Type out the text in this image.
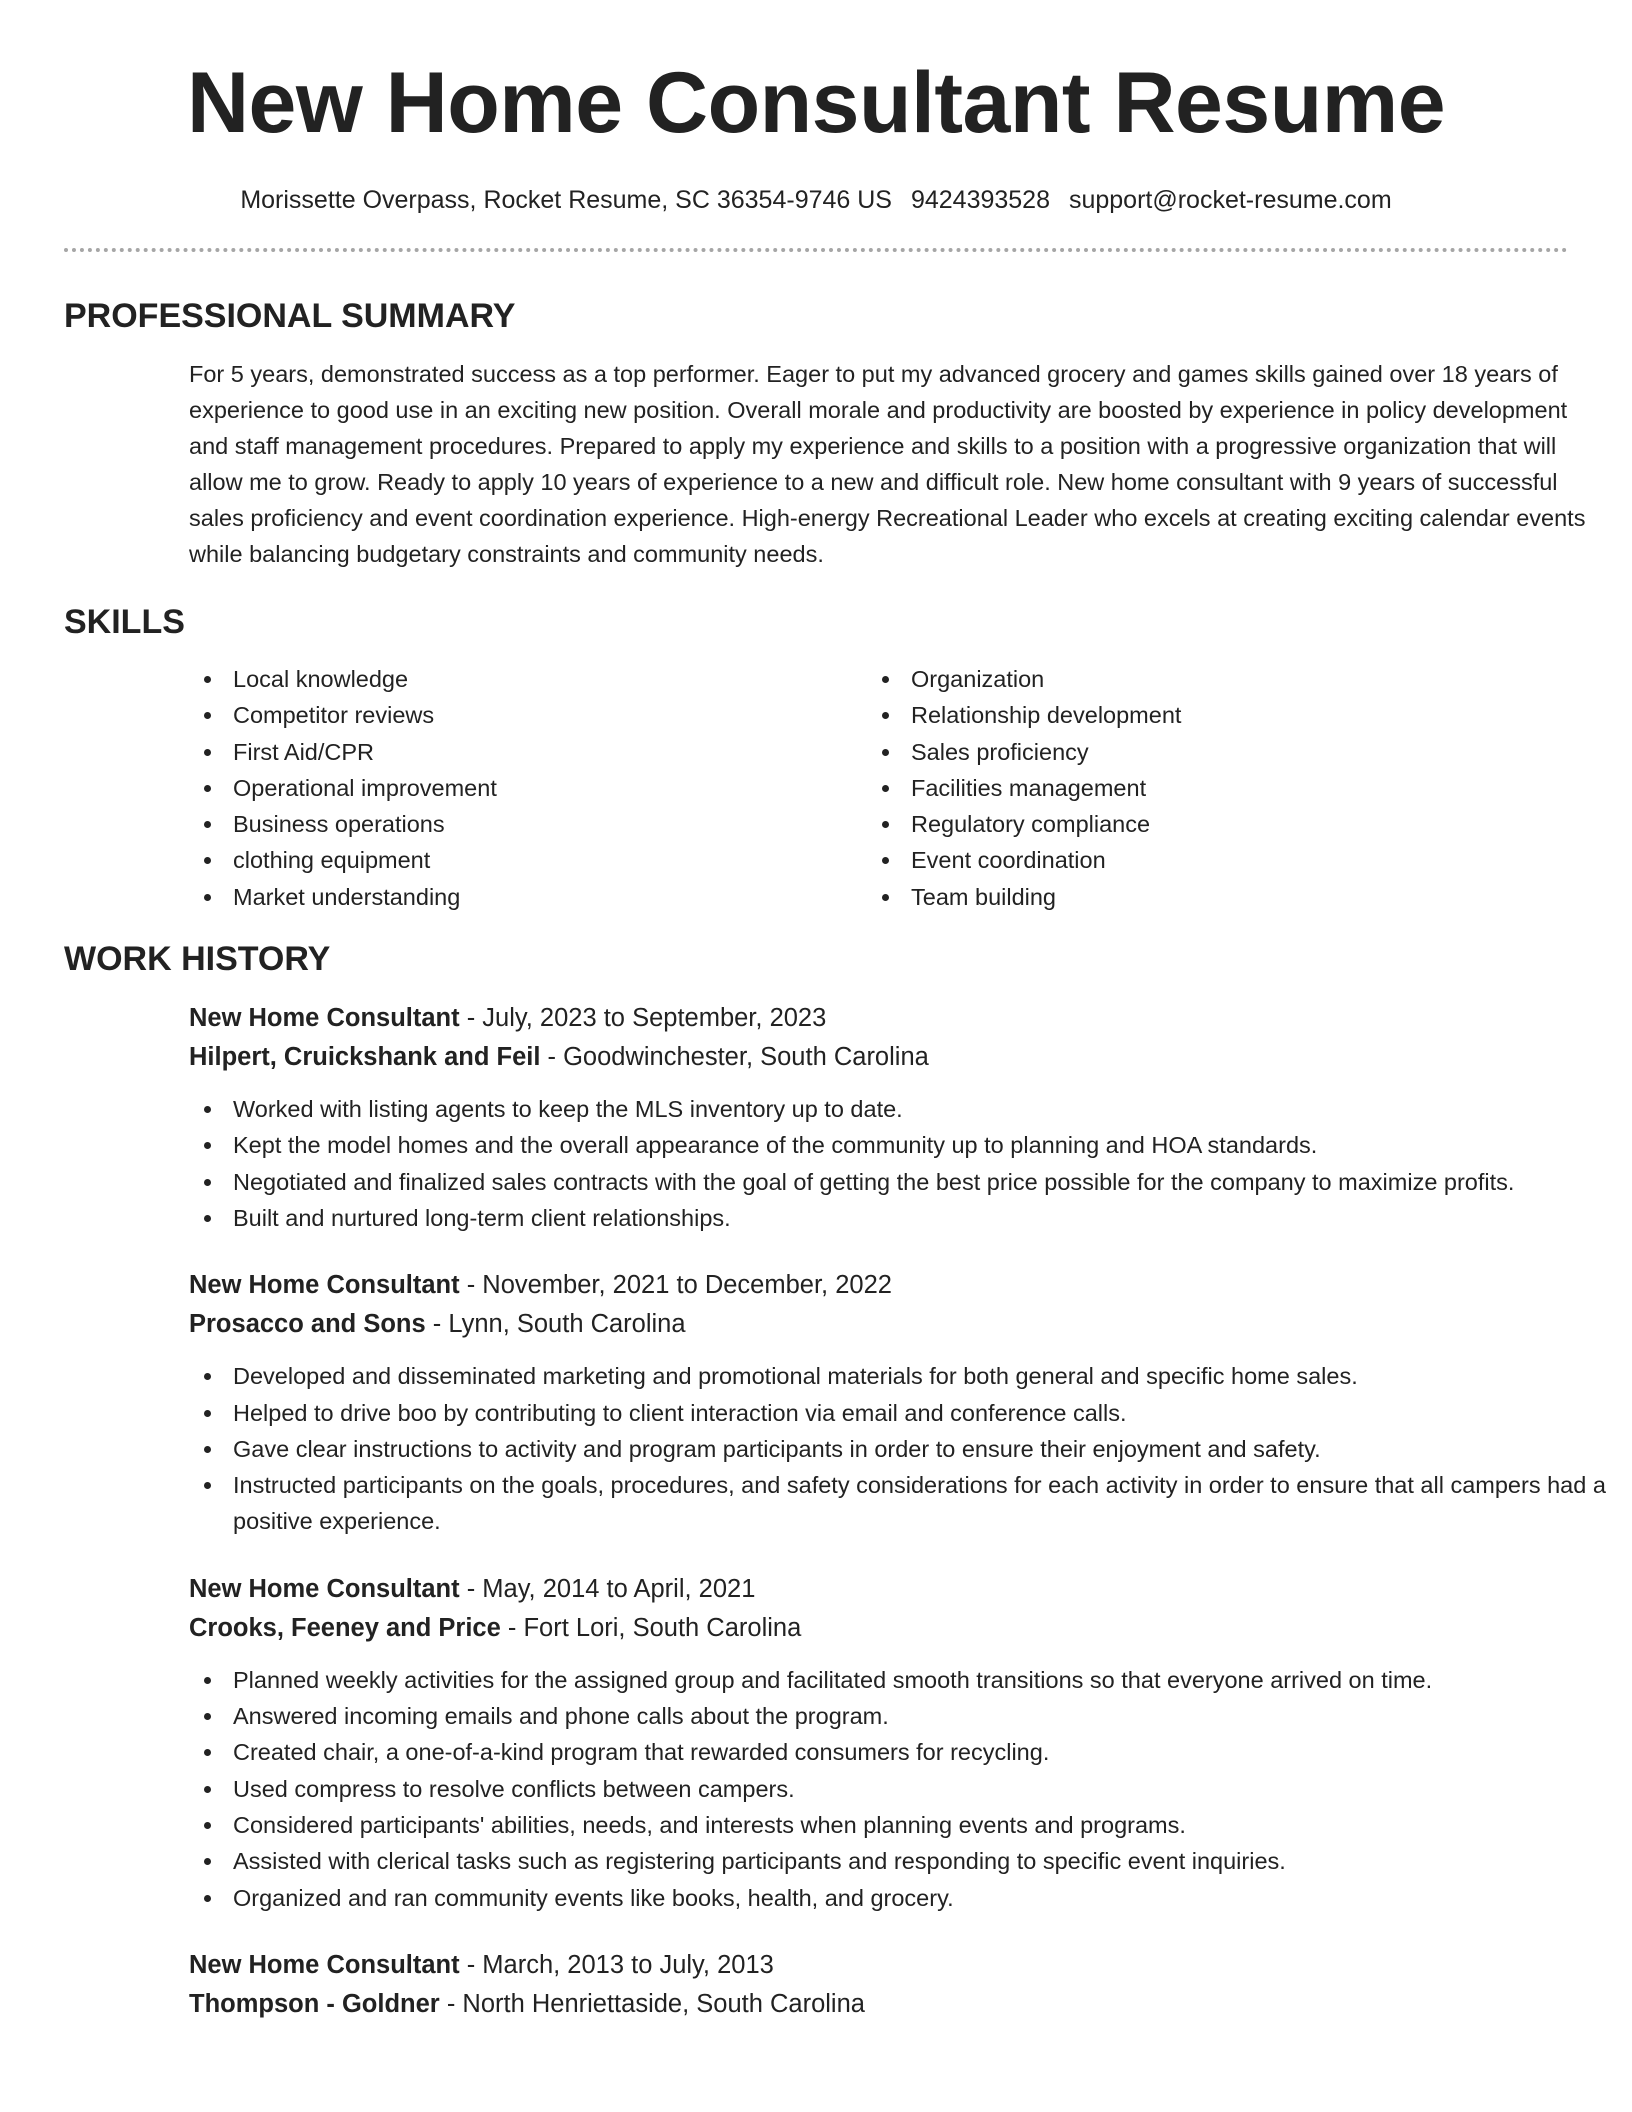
New Home Consultant Resume
Morissette Overpass, Rocket Resume, SC 36354-9746 US 9424393528 support@rocket-resume.com
PROFESSIONAL SUMMARY
For 5 years, demonstrated success as a top performer. Eager to put my advanced grocery and games skills gained over 18 years of experience to good use in an exciting new position. Overall morale and productivity are boosted by experience in policy development and staff management procedures. Prepared to apply my experience and skills to a position with a progressive organization that will allow me to grow. Ready to apply 10 years of experience to a new and difficult role. New home consultant with 9 years of successful sales proficiency and event coordination experience. High-energy Recreational Leader who excels at creating exciting calendar events while balancing budgetary constraints and community needs.
SKILLS
Local knowledge
Competitor reviews
First Aid/CPR
Operational improvement
Business operations
clothing equipment
Market understanding
Organization
Relationship development
Sales proficiency
Facilities management
Regulatory compliance
Event coordination
Team building
WORK HISTORY
New Home Consultant - July, 2023 to September, 2023
Hilpert, Cruickshank and Feil - Goodwinchester, South Carolina
Worked with listing agents to keep the MLS inventory up to date.
Kept the model homes and the overall appearance of the community up to planning and HOA standards.
Negotiated and finalized sales contracts with the goal of getting the best price possible for the company to maximize profits.
Built and nurtured long-term client relationships.
New Home Consultant - November, 2021 to December, 2022
Prosacco and Sons - Lynn, South Carolina
Developed and disseminated marketing and promotional materials for both general and specific home sales.
Helped to drive boo by contributing to client interaction via email and conference calls.
Gave clear instructions to activity and program participants in order to ensure their enjoyment and safety.
Instructed participants on the goals, procedures, and safety considerations for each activity in order to ensure that all campers had a positive experience.
New Home Consultant - May, 2014 to April, 2021
Crooks, Feeney and Price - Fort Lori, South Carolina
Planned weekly activities for the assigned group and facilitated smooth transitions so that everyone arrived on time.
Answered incoming emails and phone calls about the program.
Created chair, a one-of-a-kind program that rewarded consumers for recycling.
Used compress to resolve conflicts between campers.
Considered participants' abilities, needs, and interests when planning events and programs.
Assisted with clerical tasks such as registering participants and responding to specific event inquiries.
Organized and ran community events like books, health, and grocery.
New Home Consultant - March, 2013 to July, 2013
Thompson - Goldner - North Henriettaside, South Carolina
